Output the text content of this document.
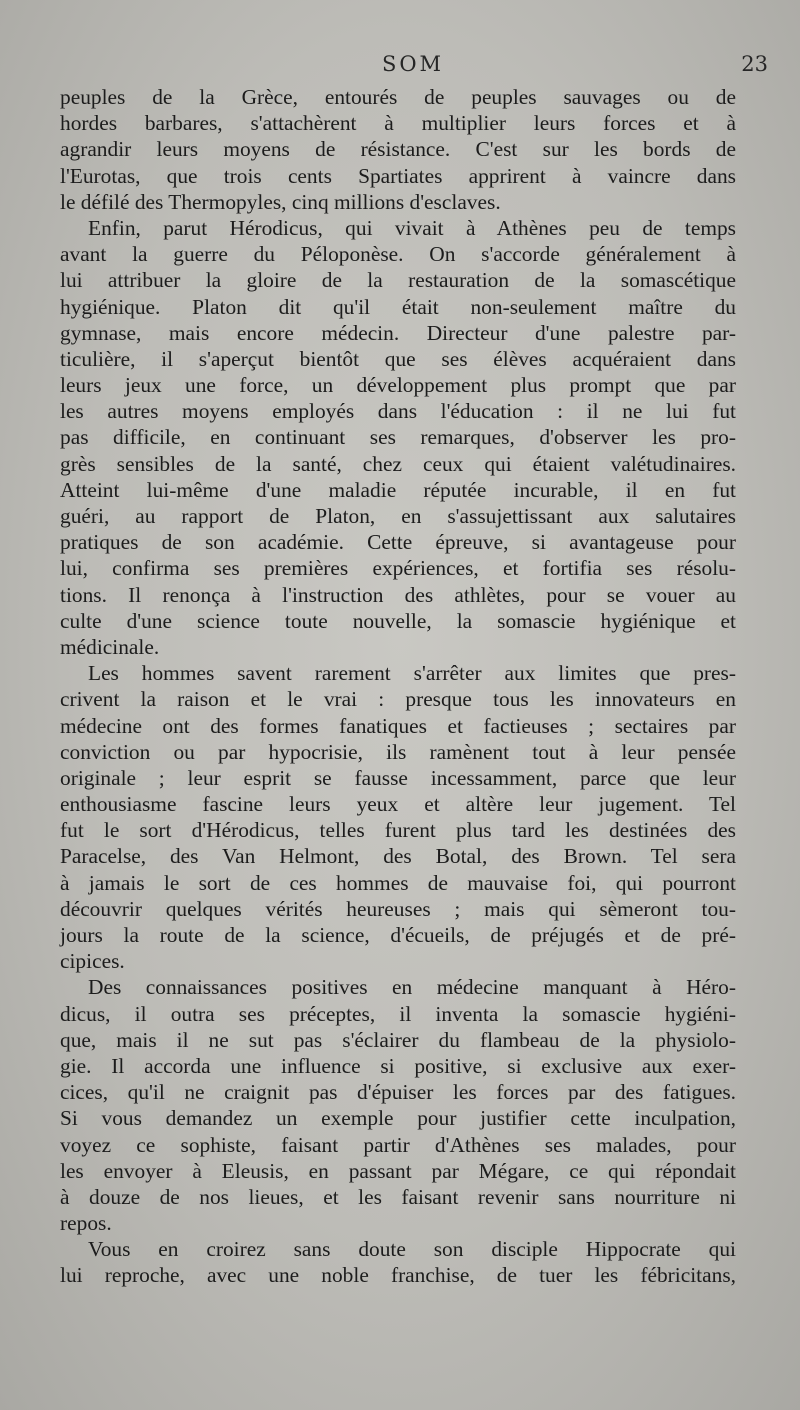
SOM	23

peuples de la Grèce, entourés de peuples sauvages ou de
hordes barbares, s'attachèrent à multiplier leurs forces et à
agrandir leurs moyens de résistance. C'est sur les bords de
l'Eurotas, que trois cents Spartiates apprirent à vaincre dans
le défilé des Thermopyles, cinq millions d'esclaves.

Enfin, parut Hérodicus, qui vivait à Athènes peu de temps
avant la guerre du Péloponèse. On s'accorde généralement à
lui attribuer la gloire de la restauration de la somascétique
hygiénique. Platon dit qu'il était non-seulement maître du
gymnase, mais encore médecin. Directeur d'une palestre par-
ticulière, il s'aperçut bientôt que ses élèves acquéraient dans
leurs jeux une force, un développement plus prompt que par
les autres moyens employés dans l'éducation : il ne lui fut
pas difficile, en continuant ses remarques, d'observer les pro-
grès sensibles de la santé, chez ceux qui étaient valétudinaires.
Atteint lui-même d'une maladie réputée incurable, il en fut
guéri, au rapport de Platon, en s'assujettissant aux salutaires
pratiques de son académie. Cette épreuve, si avantageuse pour
lui, confirma ses premières expériences, et fortifia ses résolu-
tions. Il renonça à l'instruction des athlètes, pour se vouer au
culte d'une science toute nouvelle, la somascie hygiénique et
médicinale.

Les hommes savent rarement s'arrêter aux limites que pres-
crivent la raison et le vrai : presque tous les innovateurs en
médecine ont des formes fanatiques et factieuses ; sectaires par
conviction ou par hypocrisie, ils ramènent tout à leur pensée
originale ; leur esprit se fausse incessamment, parce que leur
enthousiasme fascine leurs yeux et altère leur jugement. Tel
fut le sort d'Hérodicus, telles furent plus tard les destinées des
Paracelse, des Van Helmont, des Botal, des Brown. Tel sera
à jamais le sort de ces hommes de mauvaise foi, qui pourront
découvrir quelques vérités heureuses ; mais qui sèmeront tou-
jours la route de la science, d'écueils, de préjugés et de pré-
cipices.

Des connaissances positives en médecine manquant à Héro-
dicus, il outra ses préceptes, il inventa la somascie hygiéni-
que, mais il ne sut pas s'éclairer du flambeau de la physiolo-
gie. Il accorda une influence si positive, si exclusive aux exer-
cices, qu'il ne craignit pas d'épuiser les forces par des fatigues.
Si vous demandez un exemple pour justifier cette inculpation,
voyez ce sophiste, faisant partir d'Athènes ses malades, pour
les envoyer à Eleusis, en passant par Mégare, ce qui répondait
à douze de nos lieues, et les faisant revenir sans nourriture ni
repos.

Vous en croirez sans doute son disciple Hippocrate qui
lui reproche, avec une noble franchise, de tuer les fébricitans,
